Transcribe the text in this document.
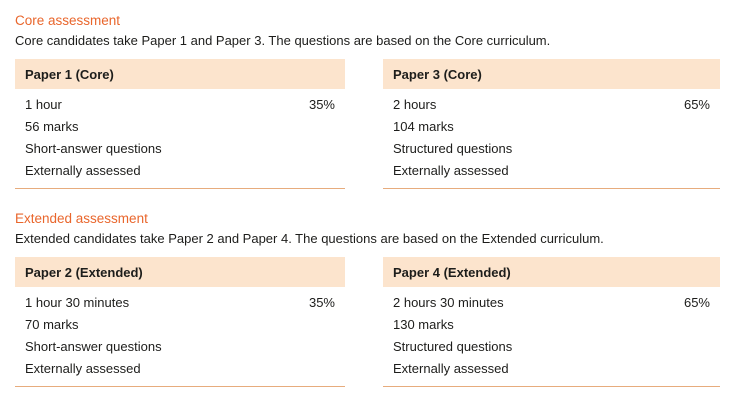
Core assessment
Core candidates take Paper 1 and Paper 3. The questions are based on the Core curriculum.
Paper 1 (Core)
1 hour	35%
56 marks
Short-answer questions
Externally assessed
Paper 3 (Core)
2 hours	65%
104 marks
Structured questions
Externally assessed
Extended assessment
Extended candidates take Paper 2 and Paper 4. The questions are based on the Extended curriculum.
Paper 2 (Extended)
1 hour 30 minutes	35%
70 marks
Short-answer questions
Externally assessed
Paper 4 (Extended)
2 hours 30 minutes	65%
130 marks
Structured questions
Externally assessed
